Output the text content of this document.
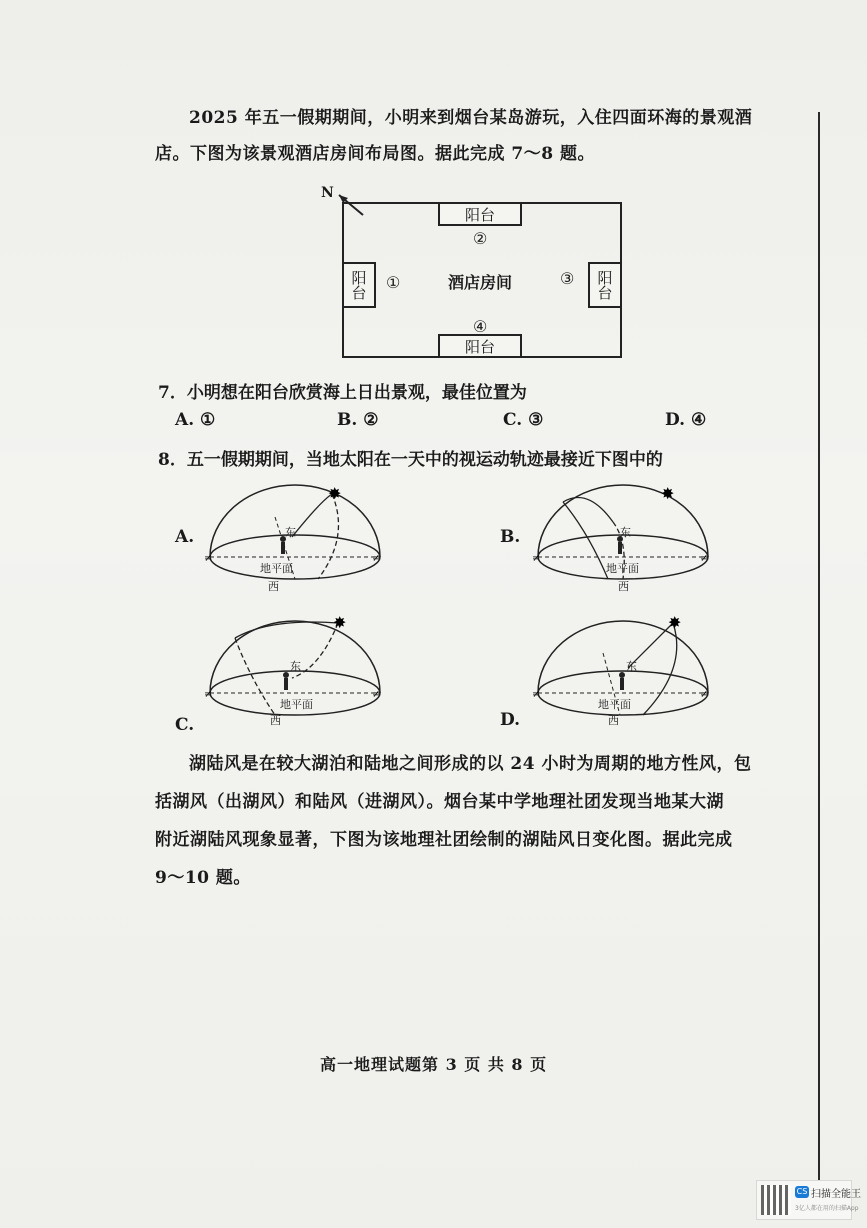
2025 年五一假期期间，小明来到烟台某岛游玩，入住四面环海的景观酒
店。下图为该景观酒店房间布局图。据此完成 7～8 题。
N
阳台
阳台
阳台	阳台
①
②
③
④
酒店房间
7．小明想在阳台欣赏海上日出景观，最佳位置为
A. ①	B. ②	C. ③	D. ④
8．五一假期期间，当地太阳在一天中的视运动轨迹最接近下图中的
A.
✸
≠	≠
东
地平面
西
B.
✸
≠	≠
东
地平面
西
C.
✸
≠	≠
东
地平面
西	D.
✸
≠	≠
东
地平面
西
湖陆风是在较大湖泊和陆地之间形成的以 24 小时为周期的地方性风，包
括湖风（出湖风）和陆风（进湖风）。烟台某中学地理社团发现当地某大湖
附近湖陆风现象显著，下图为该地理社团绘制的湖陆风日变化图。据此完成
9～10 题。
高一地理试题第 3 页 共 8 页
CS 扫描全能王
3亿人都在用的扫描App
